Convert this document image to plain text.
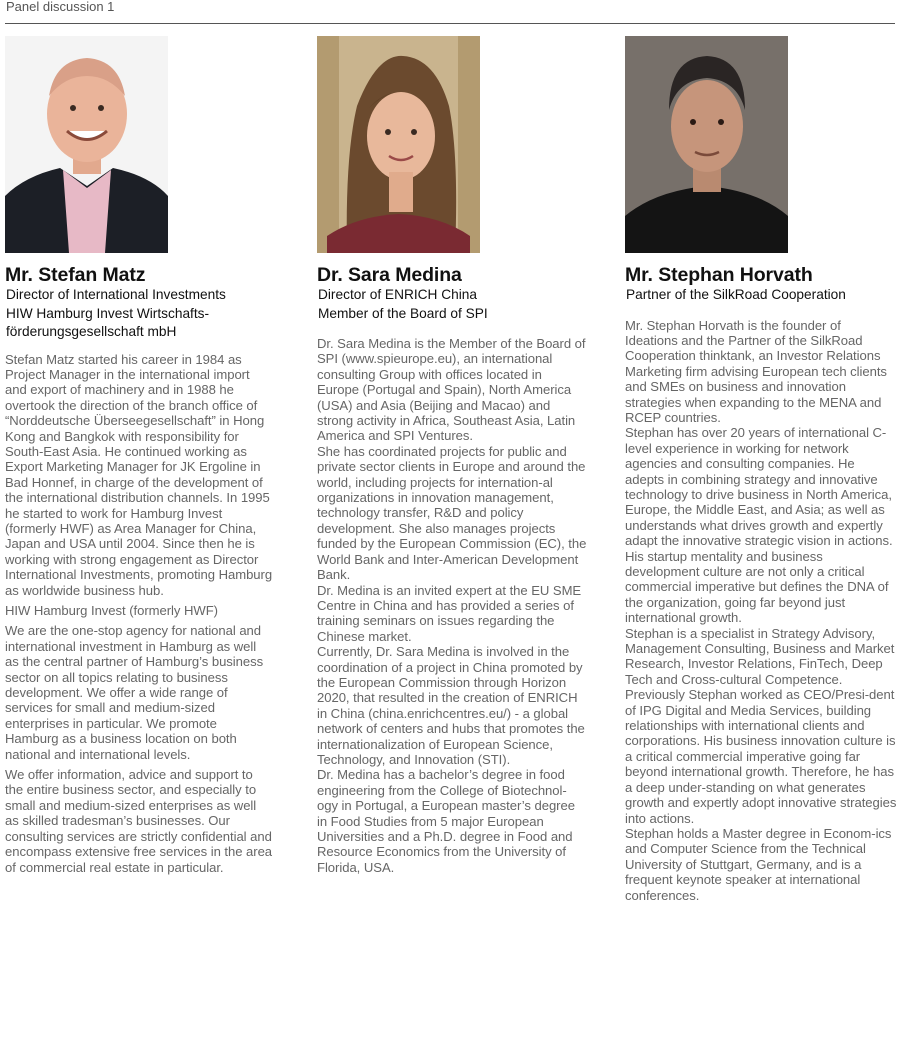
Panel discussion 1
Mr. Stefan Matz
Director of International Investments
HIW Hamburg Invest Wirtschafts-
förderungsgesellschaft mbH

Stefan Matz started his career in 1984 as Project Manager in the international import and export of machinery and in 1988 he overtook the direction of the branch office of “Norddeutsche Überseegesellschaft” in Hong Kong and Bangkok with responsibility for South-East Asia. He continued working as Export Marketing Manager for JK Ergoline in Bad Honnef, in charge of the development of the international distribution channels. In 1995 he started to work for Hamburg Invest (formerly HWF) as Area Manager for China, Japan and USA until 2004. Since then he is working with strong engagement as Director International Investments, promoting Hamburg as worldwide business hub.

HIW Hamburg Invest (formerly HWF)

We are the one-stop agency for national and international investment in Hamburg as well as the central partner of Hamburg’s business sector on all topics relating to business development. We offer a wide range of services for small and medium-sized enterprises in particular. We promote Hamburg as a business location on both national and international levels.

We offer information, advice and support to the entire business sector, and especially to small and medium-sized enterprises as well as skilled tradesman’s businesses. Our consulting services are strictly confidential and encompass extensive free services in the area of commercial real estate in particular.

Dr. Sara Medina
Director of ENRICH China
Member of the Board of SPI

Dr. Sara Medina is the Member of the Board of SPI (www.spieurope.eu), an international consulting Group with offices located in Europe (Portugal and Spain), North America (USA) and Asia (Beijing and Macao) and strong activity in Africa, Southeast Asia, Latin America and SPI Ventures.

She has coordinated projects for public and private sector clients in Europe and around the world, including projects for internation-al organizations in innovation management, technology transfer, R&D and policy development. She also manages projects funded by the European Commission (EC), the World Bank and Inter-American Development Bank.

Dr. Medina is an invited expert at the EU SME Centre in China and has provided a series of training seminars on issues regarding the Chinese market.

Currently, Dr. Sara Medina is involved in the coordination of a project in China promoted by the European Commission through Horizon 2020, that resulted in the creation of ENRICH in China (china.enrichcentres.eu/) - a global network of centers and hubs that promotes the internationalization of European Science, Technology, and Innovation (STI).

Dr. Medina has a bachelor’s degree in food engineering from the College of Biotechnol-ogy in Portugal, a European master’s degree in Food Studies from 5 major European Universities and a Ph.D. degree in Food and Resource Economics from the University of Florida, USA.

Mr. Stephan Horvath
Partner of the SilkRoad Cooperation

Mr. Stephan Horvath is the founder of Ideations and the Partner of the SilkRoad Cooperation thinktank, an Investor Relations Marketing firm advising European tech clients and SMEs on business and innovation strategies when expanding to the MENA and RCEP countries.

Stephan has over 20 years of international C-level experience in working for network agencies and consulting companies. He adepts in combining strategy and innovative technology to drive business in North America, Europe, the Middle East, and Asia; as well as understands what drives growth and expertly adapt the innovative strategic vision in actions. His startup mentality and business development culture are not only a critical commercial imperative but defines the DNA of the organization, going far beyond just international growth.

Stephan is a specialist in Strategy Advisory, Management Consulting, Business and Market Research, Investor Relations, FinTech, Deep Tech and Cross-cultural Competence.

Previously Stephan worked as CEO/Presi-dent of IPG Digital and Media Services, building relationships with international clients and corporations. His business innovation culture is a critical commercial imperative going far beyond international growth. Therefore, he has a deep under-standing on what generates growth and expertly adopt innovative strategies into actions.

Stephan holds a Master degree in Econom-ics and Computer Science from the Technical University of Stuttgart, Germany, and is a frequent keynote speaker at international conferences.
